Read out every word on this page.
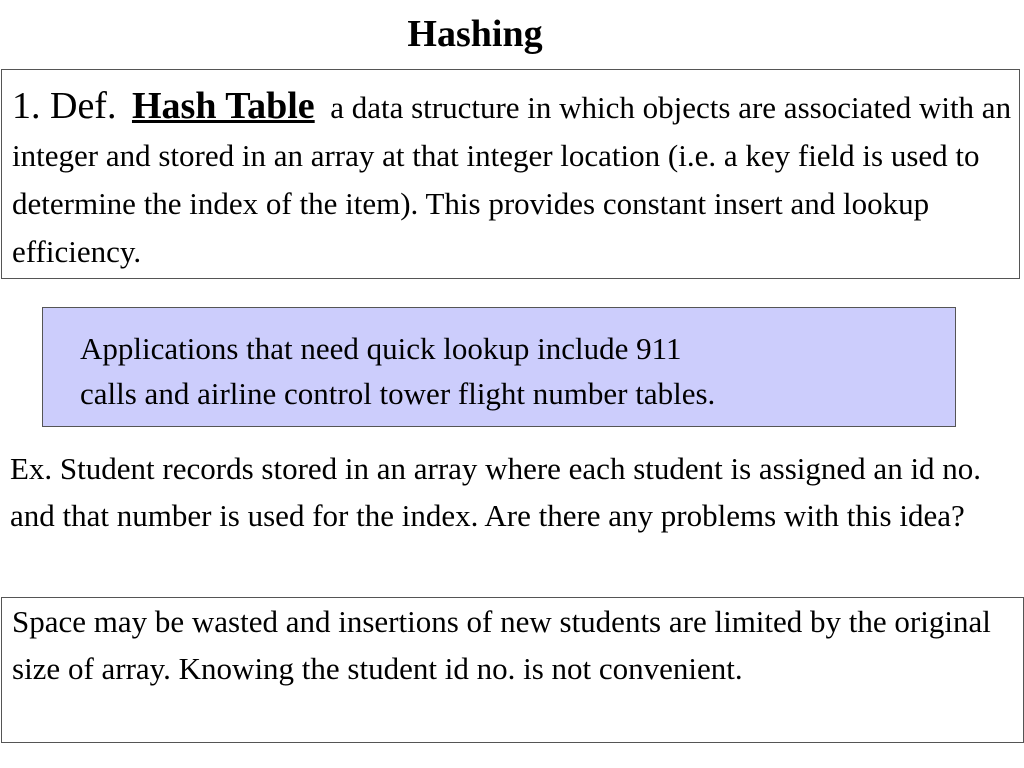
Hashing
1. Def. Hash Table a data structure in which objects are associated with an integer and stored in an array at that integer location (i.e. a key field is used to determine the index of the item). This provides constant insert and lookup efficiency.
Applications that need quick lookup include 911
calls and airline control tower flight number tables.
Ex. Student records stored in an array where each student is assigned an id no. and that number is used for the index. Are there any problems with this idea?
Space may be wasted and insertions of new students are limited by the original size of array. Knowing the student id no. is not convenient.
